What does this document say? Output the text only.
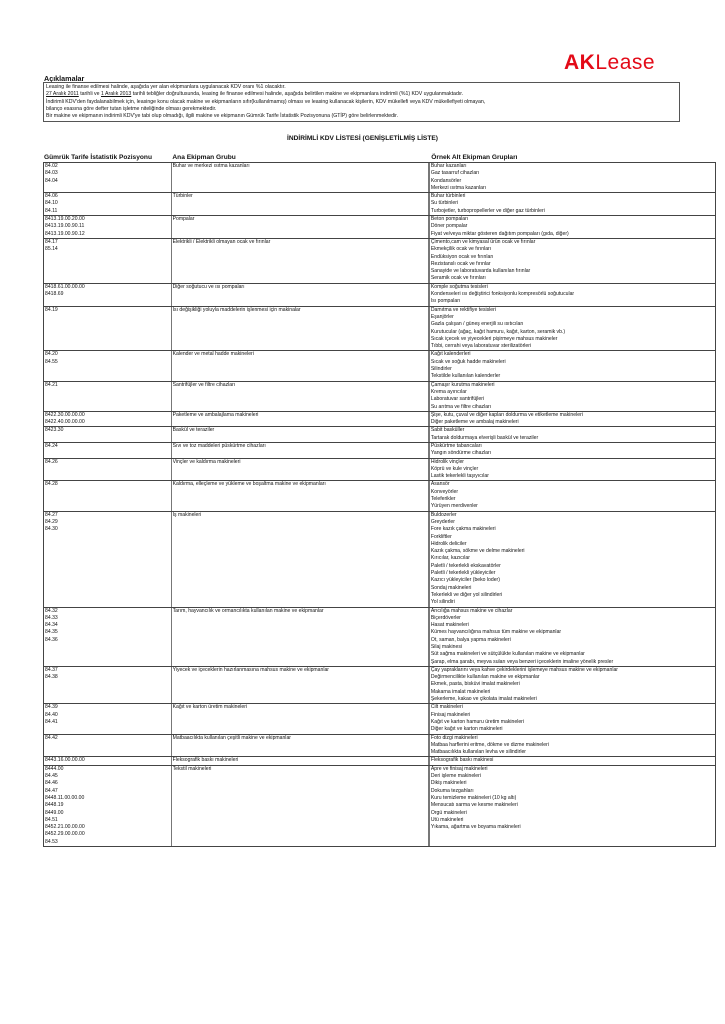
AKLease
Açıklamalar
Leasing ile finanse edilmesi halinde, aşağıda yer alan ekipmanlara uygulanacak KDV oranı %1 olacaktır.
27 Aralık 2011 tarihli ve 1 Aralık 2013 tarihli tebliğler doğrultusunda, leasing ile finanse edilmesi halinde, aşağıda belirtilen makine ve ekipmanlara indirimli (%1) KDV uygulanmaktadır.
İndirimli KDV'den faydalanabilmek için, leasinge konu olacak makine ve ekipmanların sıfır(kullanılmamış) olması ve leasing kullanacak kişilerin, KDV mükellefi veya KDV mükellefiyeti olmayan,
bilanço esasına göre defter tutan işletme niteliğinde olması gerekmektedir.
Bir makine ve ekipmanın indirimli KDV'ye tabi olup olmadığı, ilgili makine ve ekipmanın Gümrük Tarife İstatistik Pozisyonuna (GTİP) göre belirlenmektedir.
İNDİRİMLİ KDV LİSTESİ (GENİŞLETİLMİŞ LİSTE)
Gümrük Tarife İstatistik Pozisyonu	Ana Ekipman Grubu	Örnek Alt Ekipman Grupları
84.02
84.03
84.04
Buhar ve merkezi ısıtma kazanları	Buhar kazanları
Gaz tasarruf cihazları
Kondansörler
Merkezi ısıtma kazanları
84.06
84.10
84.11
Türbinler	Buhar türbinleri
Su türbinleri
Turbojetler, turbopropellerler ve diğer gaz türbinleri
8413.19.00.20.00
8413.19.00.90.11
8413.19.00.90.12
Pompalar	Beton pompaları
Döner pompalar
Fiyat ve/veya miktar gösteren dağıtım pompaları (gıda, diğer)
84.17
85.14
Elektrikli / Elektrikli olmayan ocak ve fırınlar	Çimento,cam ve kimyasal ürün ocak ve fırınlar
Ekmekçilik ocak ve fırınları
Endüksiyon ocak ve fırınları
Rezistanslı ocak ve fırınlar
Sanayide ve laboratuvarda kullanılan fırınlar
Seramik ocak ve fırınları
8418.61.00.00.00
8418.69
Diğer soğutucu ve ısı pompaları	Komple soğutma tesisleri
Kondenseleri ısı değiştirici fonksiyonlu kompresörlü soğutucular
Isı pompaları
84.19	Isı değişikliği yoluyla maddelerin işlenmesi için makinalar	Damıtma ve rektifiye tesisleri
Eşanjörler
Gazla çalışan / güneş enerjili su ısıtıcıları
Kurutucular (ağaç, kağıt hamuru, kağıt, karton, seramik vb.)
Sıcak içecek ve yiyecekleri pişirmeye mahsus makineler
Tıbbi, cerrahi veya laboratuvar sterilizatörleri
84.20
84.55
Kalender ve metal hadde makineleri	Kağıt kalenderleri
Sıcak ve soğuk hadde makineleri
Silindirler
Tekstilde kullanılan kalenderler
84.21	Santrifüjler ve filtre cihazları	Çamaşır kurutma makineleri
Krema ayırıcılar
Laboratuvar santrifüjleri
Su arıtma ve filtre cihazları
8422.30.00.00.00
8422.40.00.00.00
Paketleme ve ambalajlama makineleri	Şişe, kutu, çuval ve diğer kapları doldurma ve etiketleme makineleri
Diğer paketleme ve ambalaj makineleri
8423.30	Baskül ve teraziler	Sabit basküller
Tartarak doldurmaya elverişli baskül ve teraziler
84.24	Sıvı ve toz maddeleri püskürtme cihazları	Püskürtme tabancaları
Yangın söndürme cihazları
84.26	Vinçler ve kaldırma makineleri	Hidrolik vinçler
Köprü ve kule vinçler
Lastik tekerlekli taşıyıcılar
84.28	Kaldırma, elleçleme ve yükleme ve boşaltma makine ve ekipmanları	Asansör
Konveyörler
Teleferikler
Yürüyen merdivenler
84.27
84.29
84.30
İş makineleri	Buldozerler
Greyderler
Fore kazık çakma makineleri
Forkliftler
Hidrolik deliciler
Kazık çakma, sökme ve delme makineleri
Kırıcılar, kazıcılar
Paletli / tekerlekli ekskavatörler
Paletli / tekerlekli yükleyiciler
Kazıcı yükleyiciler (beko loder)
Sondaj makineleri
Tekerlekli ve diğer yol silindirleri
Yol silindiri
84.32
84.33
84.34
84.35
84.36
Tarım, hayvancılık ve ormancılıkta kullanılan makine ve ekipmanlar	Arıcılığa mahsus makine ve cihazlar
Biçerdöverler
Hasat makineleri
Kümes hayvancılığına mahsus tüm makine ve ekipmanlar
Ot, saman, balya yapma makineleri
Silaj makinesi
Süt sağma makineleri ve sütçülükte kullanılan makine ve ekipmanlar
Şarap, elma şarabı, meyva suları veya benzeri içeceklerin imaline yönelik presler
84.37
84.38
Yiyecek ve içeceklerin hazırlanmasına mahsus makine ve ekipmanlar	Çay yapraklarını veya kahve çekirdeklerini işlemeye mahsus makine ve ekipmanlar
Değirmencilikte kullanılan makine ve ekipmanlar
Ekmek, pasta, bisküvi imalat makineleri
Makarna imalat makineleri
Şekerleme, kakao ve çikolata imalat makineleri
84.39
84.40
84.41
Kağıt ve karton üretim makineleri	Cilt makineleri
Finisaj makineleri
Kağıt ve karton hamuru üretim makineleri
Diğer kağıt ve karton makineleri
84.42	Matbaacılıkta kullanılan çeşitli makine ve ekipmanlar	Foto dizgi makineleri
Matbaa harflerini eritme, dökme ve dizme makineleri
Matbaacılıkta kullanılan levha ve silindirler
8443.16.00.00.00	Fleksografik baskı makineleri	Fleksografik baskı makinesi
8444.00
84.45
84.46
84.47
8448.11.00.00.00
8448.19
8449.00
84.51
8452.21.00.00.00
8452.29.00.00.00
84.53
Tekstil makineleri	Apre ve finisaj makineleri
Deri işleme makineleri
Dikiş makineleri
Dokuma tezgahları
Kuru temizleme makineleri (10 kg altı)
Mensucatı sarma ve kesme makineleri
Örgü makineleri
Ütü makineleri
Yıkama, ağartma ve boyama makineleri
